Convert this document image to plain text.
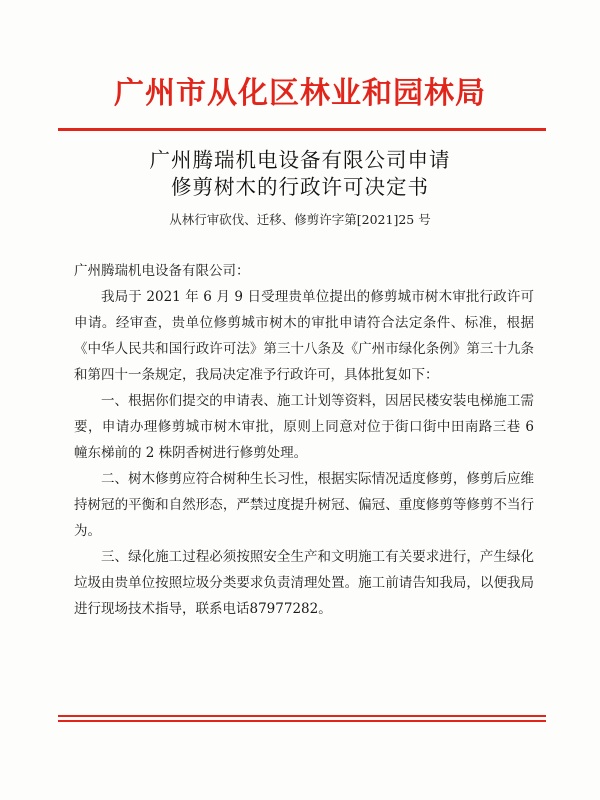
广州市从化区林业和园林局
广州腾瑞机电设备有限公司申请
修剪树木的行政许可决定书
从林行审砍伐、迁移、修剪许字第[2021]25 号

广州腾瑞机电设备有限公司：

我局于 2021 年 6 月 9 日受理贵单位提出的修剪城市树木审批行政许可申请。经审查，贵单位修剪城市树木的审批申请符合法定条件、标准，根据《中华人民共和国行政许可法》第三十八条及《广州市绿化条例》第三十九条和第四十一条规定，我局决定准予行政许可，具体批复如下：

一、根据你们提交的申请表、施工计划等资料，因居民楼安装电梯施工需要，申请办理修剪城市树木审批，原则上同意对位于街口街中田南路三巷 6 幢东梯前的 2 株阴香树进行修剪处理。

二、树木修剪应符合树种生长习性，根据实际情况适度修剪，修剪后应维持树冠的平衡和自然形态，严禁过度提升树冠、偏冠、重度修剪等修剪不当行为。

三、绿化施工过程必须按照安全生产和文明施工有关要求进行，产生绿化垃圾由贵单位按照垃圾分类要求负责清理处置。施工前请告知我局，以便我局进行现场技术指导，联系电话87977282。
